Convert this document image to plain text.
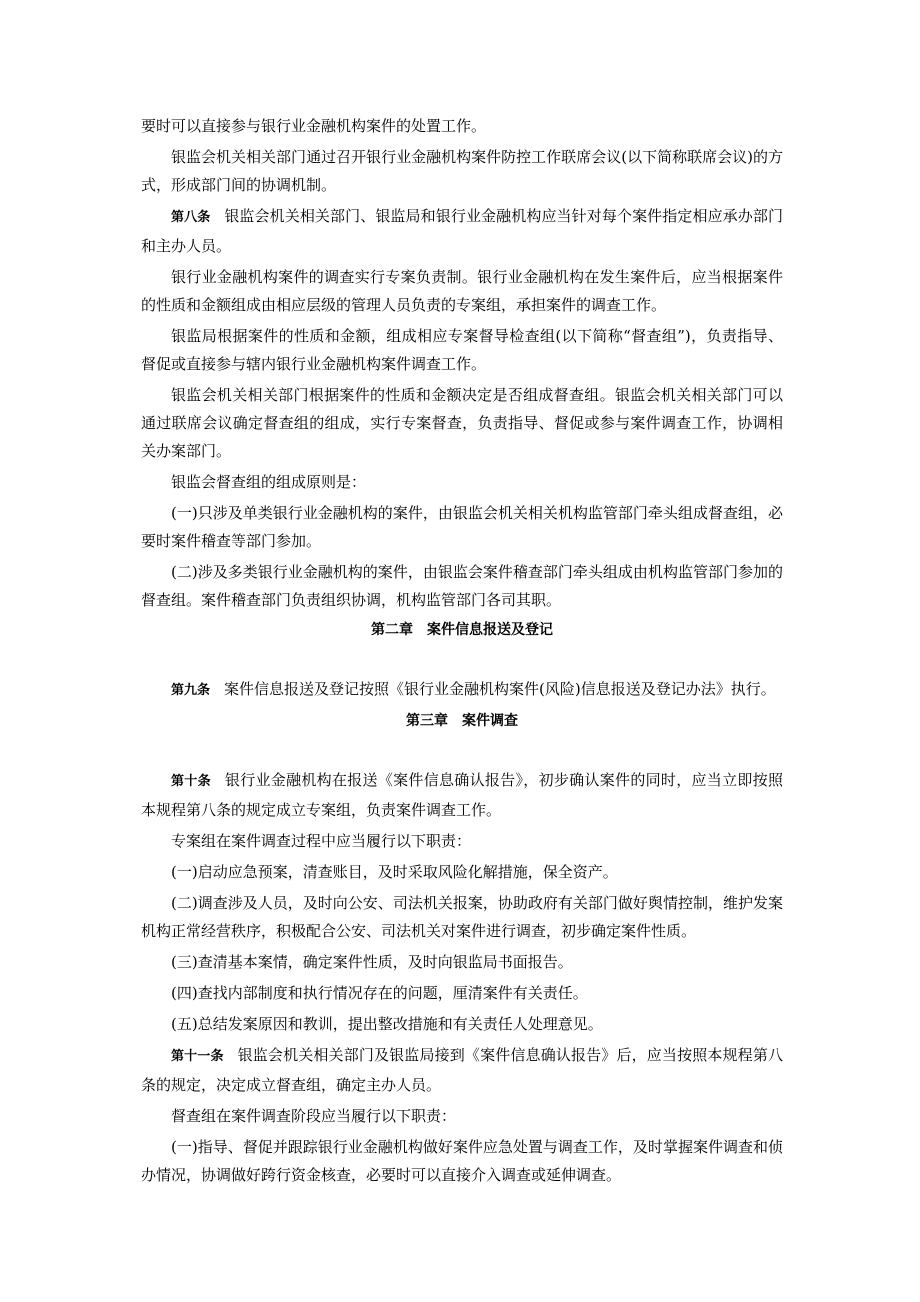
要时可以直接参与银行业金融机构案件的处置工作。

银监会机关相关部门通过召开银行业金融机构案件防控工作联席会议(以下简称联席会议)的方式，形成部门间的协调机制。

第八条 银监会机关相关部门、银监局和银行业金融机构应当针对每个案件指定相应承办部门和主办人员。

银行业金融机构案件的调查实行专案负责制。银行业金融机构在发生案件后，应当根据案件的性质和金额组成由相应层级的管理人员负责的专案组，承担案件的调查工作。

银监局根据案件的性质和金额，组成相应专案督导检查组(以下简称“督查组”)，负责指导、督促或直接参与辖内银行业金融机构案件调查工作。

银监会机关相关部门根据案件的性质和金额决定是否组成督查组。银监会机关相关部门可以通过联席会议确定督查组的组成，实行专案督查，负责指导、督促或参与案件调查工作，协调相关办案部门。

银监会督查组的组成原则是：

(一)只涉及单类银行业金融机构的案件，由银监会机关相关机构监管部门牵头组成督查组，必要时案件稽查等部门参加。

(二)涉及多类银行业金融机构的案件，由银监会案件稽查部门牵头组成由机构监管部门参加的督查组。案件稽查部门负责组织协调，机构监管部门各司其职。

第二章　案件信息报送及登记

第九条 案件信息报送及登记按照《银行业金融机构案件(风险)信息报送及登记办法》执行。

第三章　案件调查

第十条 银行业金融机构在报送《案件信息确认报告》，初步确认案件的同时，应当立即按照本规程第八条的规定成立专案组，负责案件调查工作。

专案组在案件调查过程中应当履行以下职责：

(一)启动应急预案，清查账目，及时采取风险化解措施，保全资产。

(二)调查涉及人员，及时向公安、司法机关报案，协助政府有关部门做好舆情控制，维护发案机构正常经营秩序，积极配合公安、司法机关对案件进行调查，初步确定案件性质。

(三)查清基本案情，确定案件性质，及时向银监局书面报告。

(四)查找内部制度和执行情况存在的问题，厘清案件有关责任。

(五)总结发案原因和教训，提出整改措施和有关责任人处理意见。

第十一条 银监会机关相关部门及银监局接到《案件信息确认报告》后，应当按照本规程第八条的规定，决定成立督查组，确定主办人员。

督查组在案件调查阶段应当履行以下职责：

(一)指导、督促并跟踪银行业金融机构做好案件应急处置与调查工作，及时掌握案件调查和侦办情况，协调做好跨行资金核查，必要时可以直接介入调查或延伸调查。
